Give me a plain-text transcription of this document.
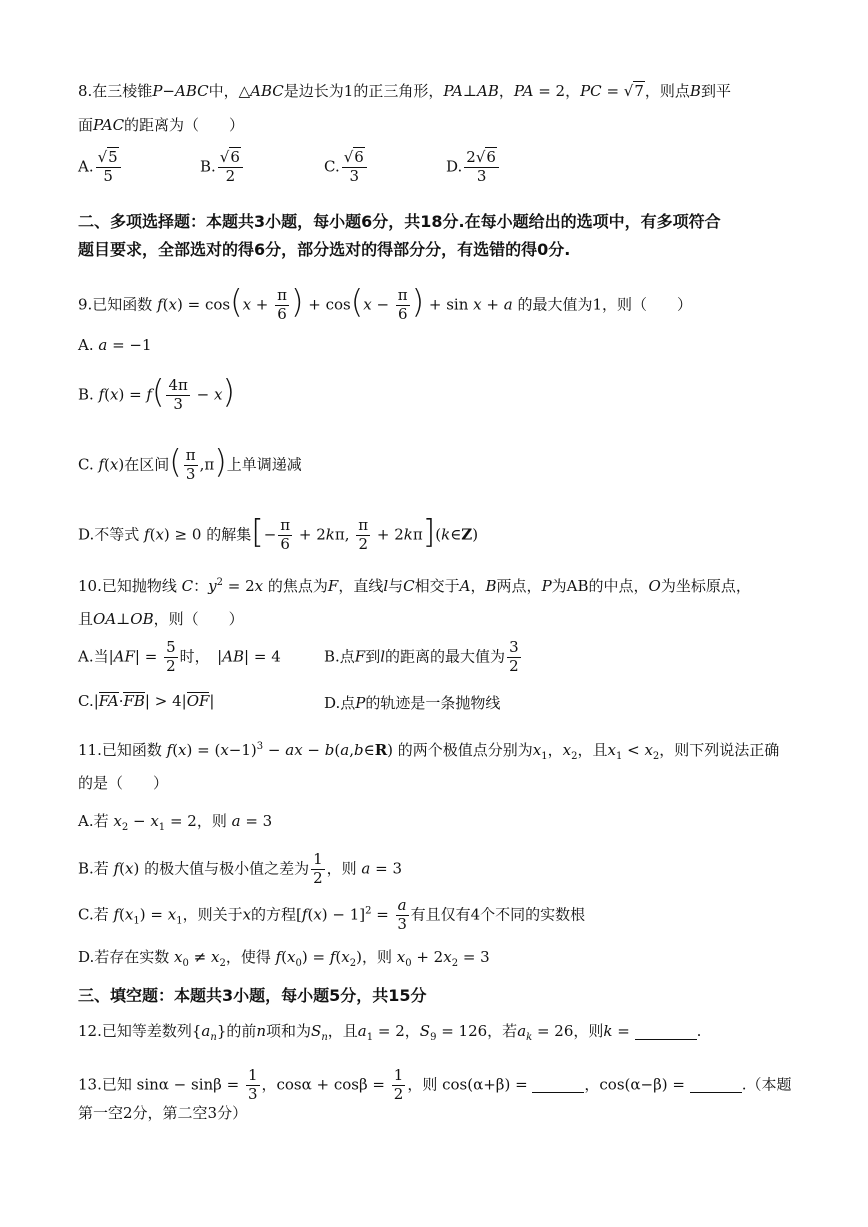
8.在三棱锥P−ABC中，△ABC是边长为1的正三角形，PA⊥AB，PA = 2，PC = √7，则点B到平
面PAC的距离为（　　）
A. $\frac{√5}{5}$	B. $\frac{√6}{2}$	C. $\frac{√6}{3}$	D. $\frac{2√6}{3}$
二、多项选择题：本题共3小题，每小题6分，共18分.在每小题给出的选项中，有多项符合
题目要求，全部选对的得6分，部分选对的得部分分，有选错的得0分.
9.已知函数 $f(x) = \cos(x + \frac{\pi}{6}$ ) + $\cos(x - \frac{\pi}{6}$ ) + sin x + a 的最大值为1，则（　　）
A. a = −1
B. $f(x) = f( \frac{4\pi}{3} - x)$
C. f(x)在区间( $\frac{\pi}{3} ,\pi$)上单调递减
D.不等式 f(x) ≥ 0 的解集[− $\frac{\pi}{6} + 2k\pi$, $\frac{\pi}{2}$ + 2kπ](k∈Z)
10.已知抛物线 C：$y^2 = 2x$ 的焦点为F，直线l与C相交于A，B两点，P为AB的中点，O为坐标原点，
且OA⊥OB，则（　　）
A.当$|AF| = \frac{5}{2}$ 时，　|AB| = 4	B.点F到l的距离的最大值为 $\frac{3}{2}$
C.|FA·FB| > 4|OF|	D.点P的轨迹是一条抛物线
11.已知函数 $f(x) = (x-1)^3$ − ax − b(a,b∈R) 的两个极值点分别为$x_1$，$x_2$，且$x_1 < x_2$，则下列说法正确
的是（　　）
A.若 $x_2 - x_1 = 2$，则 a = 3
B.若 f(x) 的极大值与极小值之差为 $\frac{1}{2}$ ，则 a = 3
C.若 $f(x_1) = x_1$，则关于x的方程$[f(x) - 1]^2 = \frac{a}{3}$ 有且仅有4个不同的实数根
D.若存在实数 $x_0 \ne x_2$，使得 $f(x_0) = f(x_2)$，则 $x_0 + 2x_2 = 3$
三、填空题：本题共3小题，每小题5分，共15分
12.已知等差数列$\{a_n\}$的前n项和为$S_n$，且$a_1 = 2$，$S_9 = 126$，若$a_k = 26$，则k =	.
13.已知 $\sin\alpha - \sin\beta = \frac{1}{3}$ ，$\cos\alpha + \cos\beta = \frac{1}{2}$ ，则 cos(α+β) =	，cos(α−β) =	.（本题
第一空2分，第二空3分）
